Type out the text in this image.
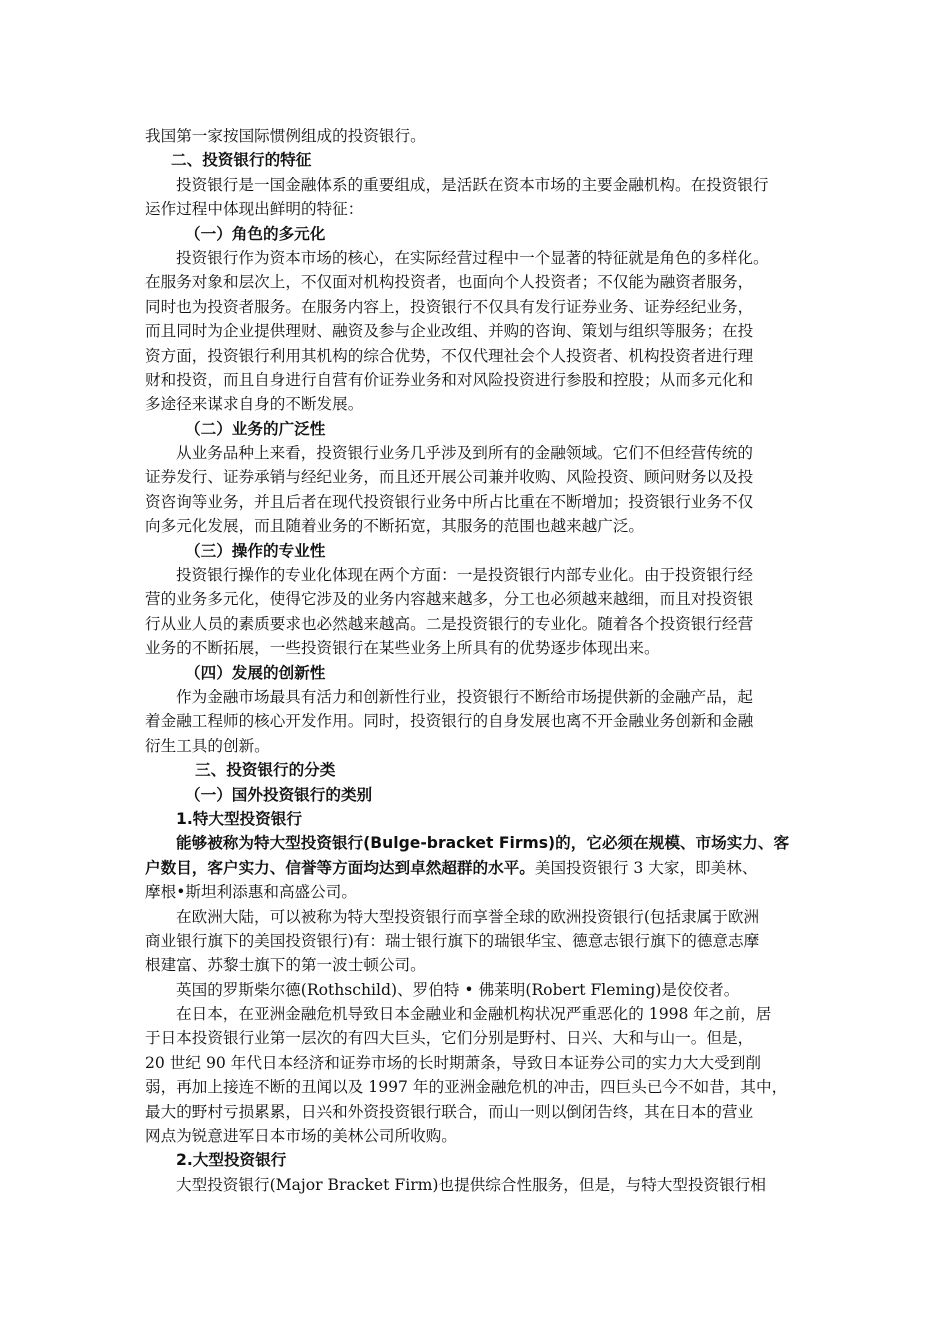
我国第一家按国际惯例组成的投资银行。
二、投资银行的特征
投资银行是一国金融体系的重要组成，是活跃在资本市场的主要金融机构。在投资银行
运作过程中体现出鲜明的特征：
（一）角色的多元化
投资银行作为资本市场的核心，在实际经营过程中一个显著的特征就是角色的多样化。
在服务对象和层次上，不仅面对机构投资者，也面向个人投资者；不仅能为融资者服务，
同时也为投资者服务。在服务内容上，投资银行不仅具有发行证券业务、证券经纪业务，
而且同时为企业提供理财、融资及参与企业改组、并购的咨询、策划与组织等服务；在投
资方面，投资银行利用其机构的综合优势，不仅代理社会个人投资者、机构投资者进行理
财和投资，而且自身进行自营有价证券业务和对风险投资进行参股和控股；从而多元化和
多途径来谋求自身的不断发展。
（二）业务的广泛性
从业务品种上来看，投资银行业务几乎涉及到所有的金融领域。它们不但经营传统的
证券发行、证券承销与经纪业务，而且还开展公司兼并收购、风险投资、顾问财务以及投
资咨询等业务，并且后者在现代投资银行业务中所占比重在不断增加；投资银行业务不仅
向多元化发展，而且随着业务的不断拓宽，其服务的范围也越来越广泛。
（三）操作的专业性
投资银行操作的专业化体现在两个方面：一是投资银行内部专业化。由于投资银行经
营的业务多元化，使得它涉及的业务内容越来越多，分工也必须越来越细，而且对投资银
行从业人员的素质要求也必然越来越高。二是投资银行的专业化。随着各个投资银行经营
业务的不断拓展，一些投资银行在某些业务上所具有的优势逐步体现出来。
（四）发展的创新性
作为金融市场最具有活力和创新性行业，投资银行不断给市场提供新的金融产品，起
着金融工程师的核心开发作用。同时，投资银行的自身发展也离不开金融业务创新和金融
衍生工具的创新。
三、投资银行的分类
（一）国外投资银行的类别
1.特大型投资银行
能够被称为特大型投资银行(Bulge-bracket Firms)的，它必须在规模、市场实力、客
户数目，客户实力、信誉等方面均达到卓然超群的水平。美国投资银行 3 大家，即美林、
摩根•斯坦利添惠和高盛公司。
在欧洲大陆，可以被称为特大型投资银行而享誉全球的欧洲投资银行(包括隶属于欧洲
商业银行旗下的美国投资银行)有：瑞士银行旗下的瑞银华宝、德意志银行旗下的德意志摩
根建富、苏黎士旗下的第一波士顿公司。
英国的罗斯柴尔德(Rothschild)、罗伯特 • 佛莱明(Robert Fleming)是佼佼者。
在日本，在亚洲金融危机导致日本金融业和金融机构状况严重恶化的 1998 年之前，居
于日本投资银行业第一层次的有四大巨头，它们分别是野村、日兴、大和与山一。但是，
20 世纪 90 年代日本经济和证券市场的长时期萧条，导致日本证券公司的实力大大受到削
弱，再加上接连不断的丑闻以及 1997 年的亚洲金融危机的冲击，四巨头已今不如昔，其中，
最大的野村亏损累累，日兴和外资投资银行联合，而山一则以倒闭告终，其在日本的营业
网点为锐意进军日本市场的美林公司所收购。
2.大型投资银行
大型投资银行(Major Bracket Firm)也提供综合性服务，但是，与特大型投资银行相
